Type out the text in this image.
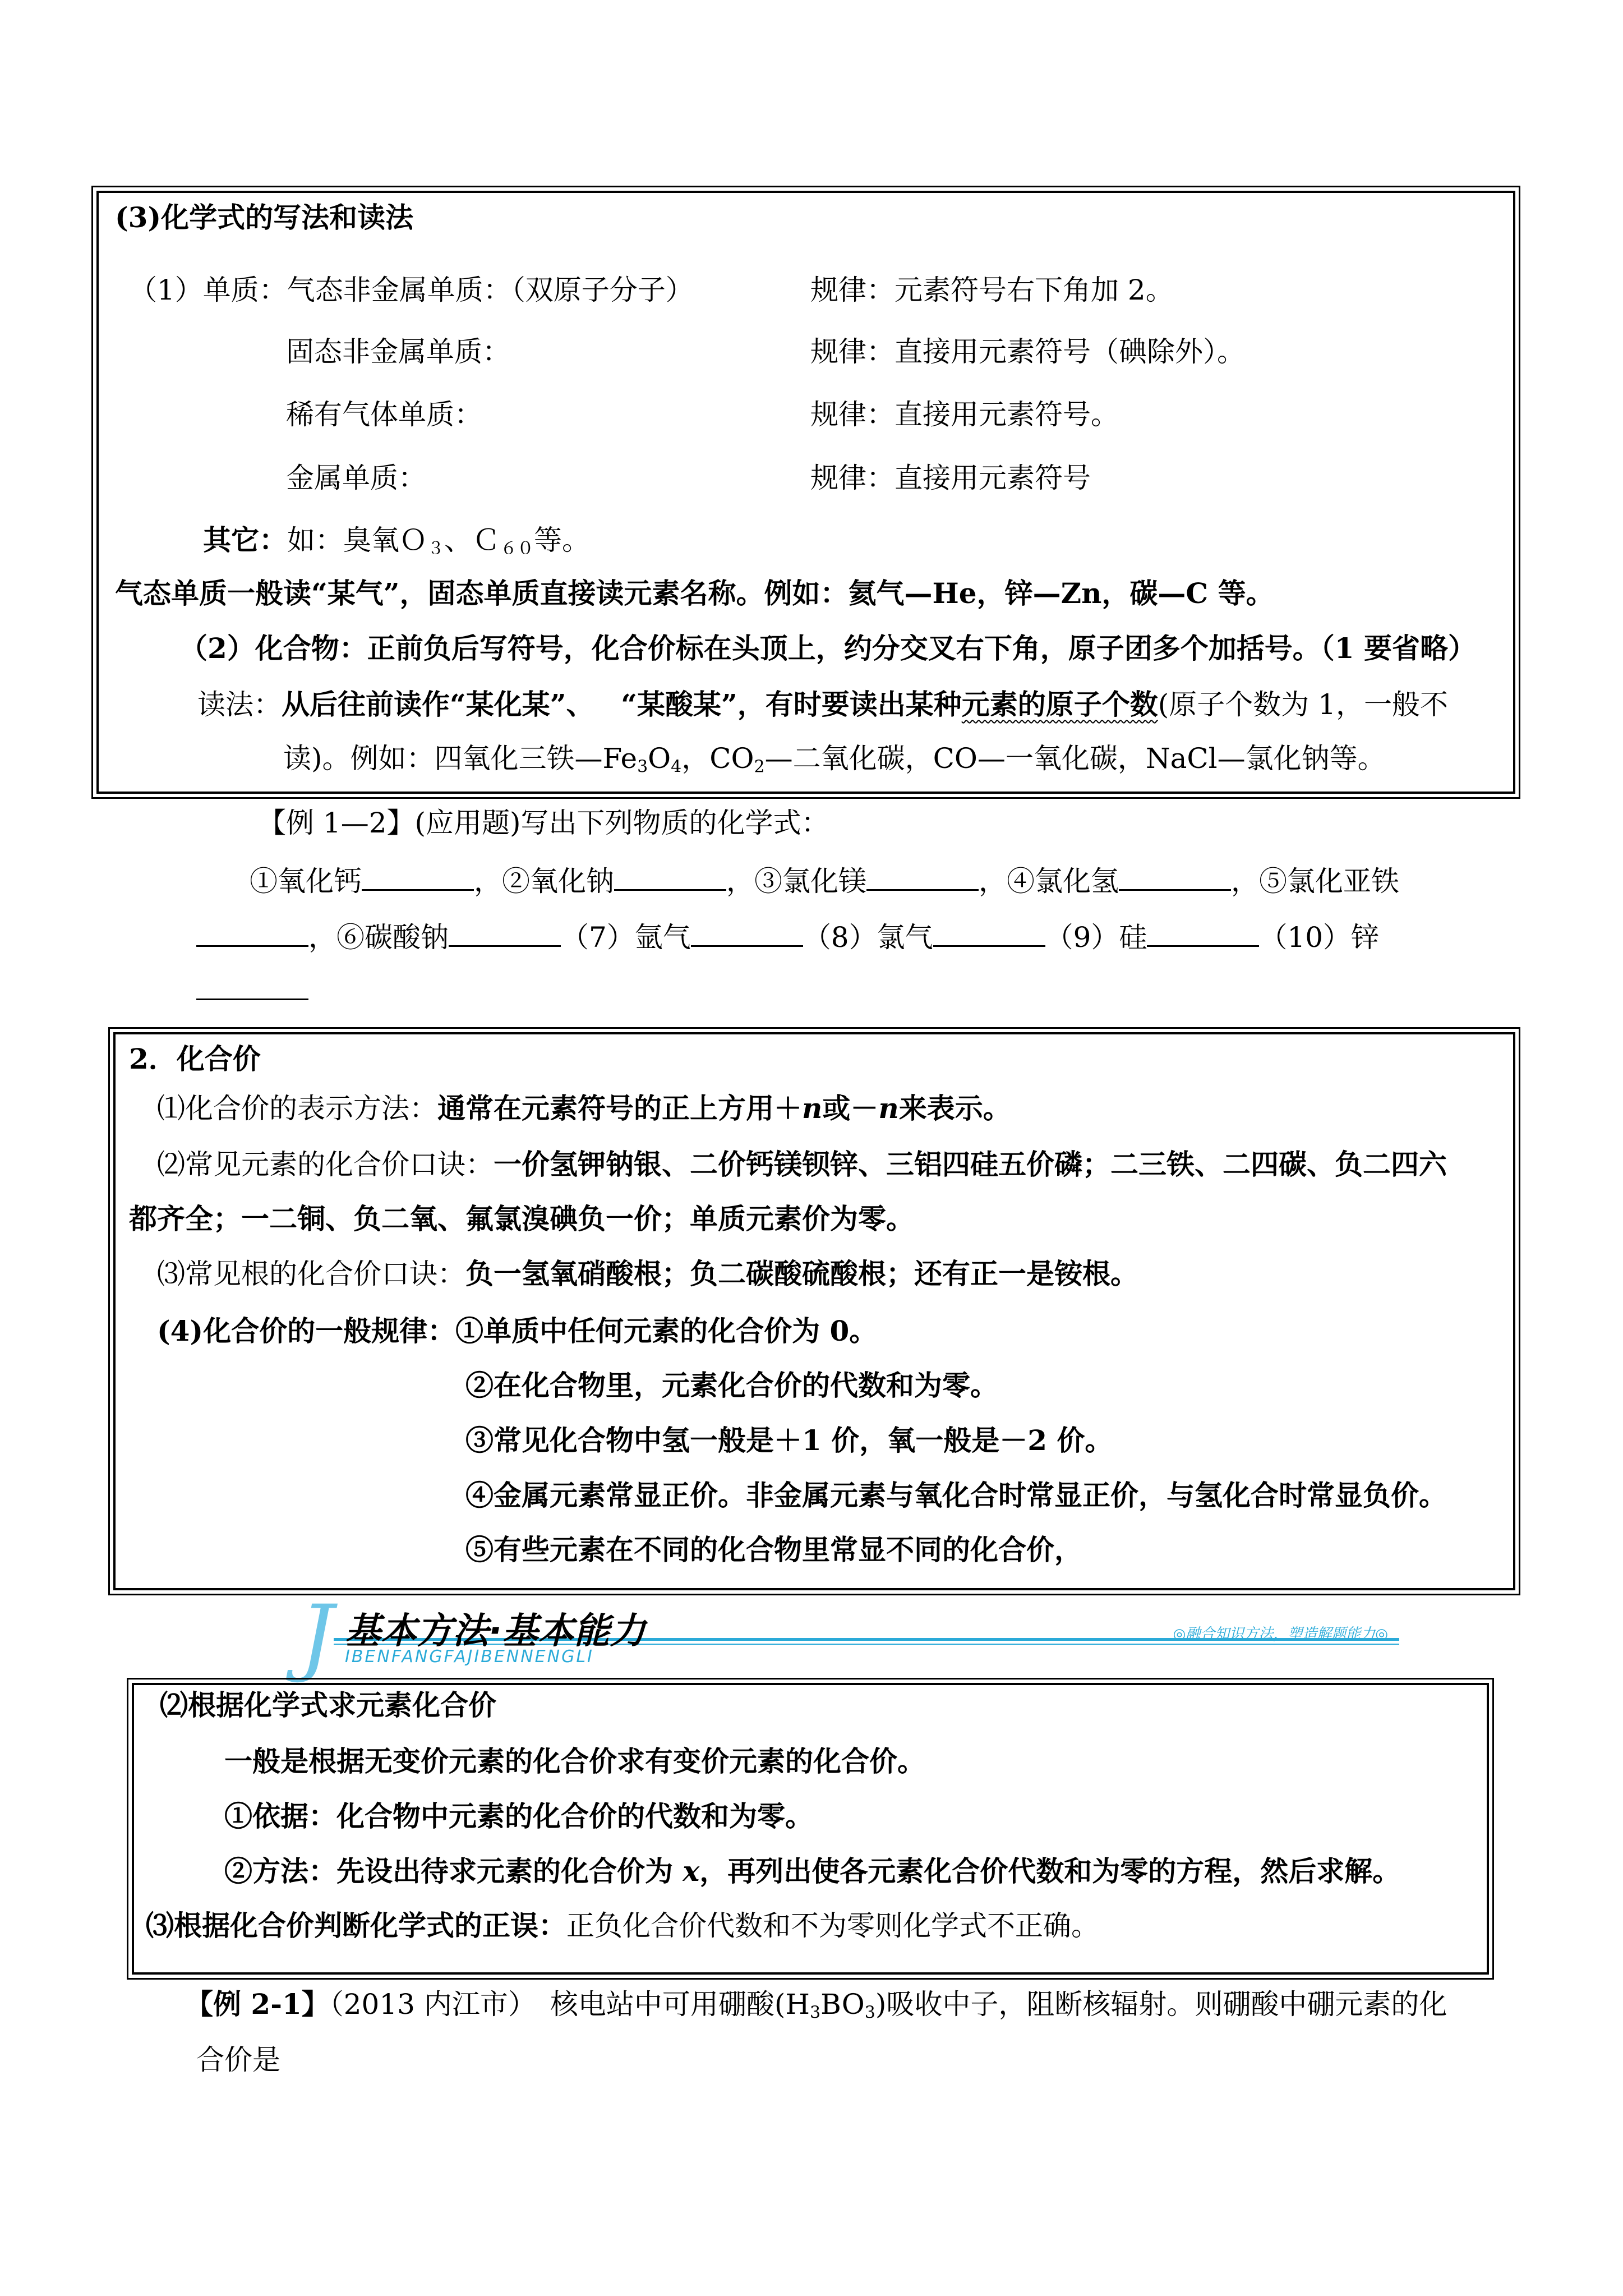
(3)化学式的写法和读法
（1）单质：气态非金属单质：（双原子分子）	规律：元素符号右下角加 2。
固态非金属单质：	规律：直接用元素符号（碘除外）。
稀有气体单质：	规律：直接用元素符号。
金属单质：	规律：直接用元素符号
其它：如：臭氧Ｏ$_3$、Ｃ$_{60}$等。
气态单质一般读“某气”，固态单质直接读元素名称。例如：氦气—He，锌—Zn，碳—C 等。
（2）化合物：正前负后写符号，化合价标在头顶上，约分交叉右下角，原子团多个加括号。（1 要省略）
读法：从后往前读作“某化某”、 “某酸某”，有时要读出某种元素的原子个数(原子个数为 1，一般不
读)。例如：四氧化三铁$—Fe_3O_4$，$CO_2—$二氧化碳，CO—一氧化碳，NaCl—氯化钠等。
【例 1—2】(应用题)写出下列物质的化学式：
①氧化钙	，②氧化钠	，③氯化镁	，④氯化氢	，⑤氯化亚铁
，⑥碳酸钠	（7）氩气	（8）氯气	（9）硅	（10）锌
2．化合价
⑴化合价的表示方法：通常在元素符号的正上方用＋n或－n来表示。
⑵常见元素的化合价口诀：一价氢钾钠银、二价钙镁钡锌、三铝四硅五价磷；二三铁、二四碳、负二四六
都齐全；一二铜、负二氧、氟氯溴碘负一价；单质元素价为零。
⑶常见根的化合价口诀：负一氢氧硝酸根；负二碳酸硫酸根；还有正一是铵根。
(4)化合价的一般规律：①单质中任何元素的化合价为 0。
②在化合物里，元素化合价的代数和为零。
③常见化合物中氢一般是＋1 价，氧一般是－2 价。
④金属元素常显正价。非金属元素与氧化合时常显正价，与氢化合时常显负价。
⑤有些元素在不同的化合物里常显不同的化合价，
J 基本方法·基本能力
IBENFANGFAJIBENNENGLI
◎融合知识方法，塑造解题能力◎
⑵根据化学式求元素化合价
一般是根据无变价元素的化合价求有变价元素的化合价。
①依据：化合物中元素的化合价的代数和为零。
②方法：先设出待求元素的化合价为 x，再列出使各元素化合价代数和为零的方程，然后求解。
⑶根据化合价判断化学式的正误：正负化合价代数和不为零则化学式不正确。
【例 2-1】（2013 内江市）　核电站中可用硼酸$(H_3BO_3)$吸收中子，阻断核辐射。则硼酸中硼元素的化
合价是
